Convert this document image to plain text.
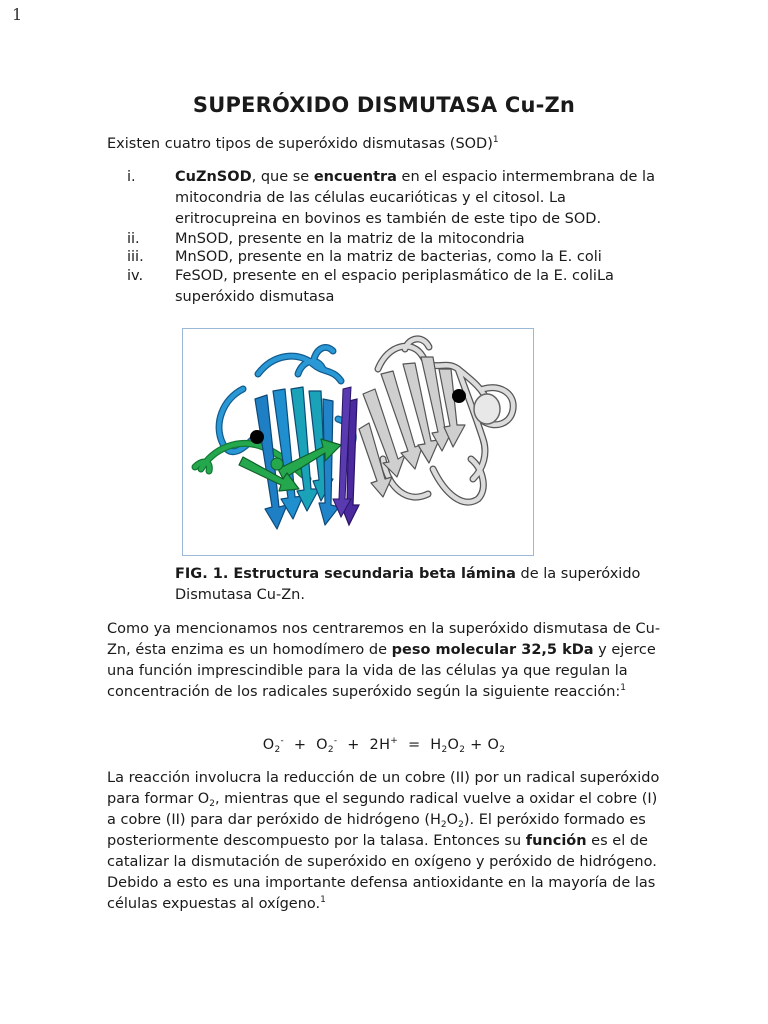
1
SUPERÓXIDO DISMUTASA Cu-Zn
Existen cuatro tipos de superóxido dismutasas (SOD)$^1$
i.	CuZnSOD, que se encuentra en el espacio intermembrana de la mitocondria de las células eucarióticas y el citosol. La eritrocupreina en bovinos es también de este tipo de SOD.
ii. MnSOD, presente en la matriz de la mitocondria
iii. MnSOD, presente en la matriz de bacterias, como la E. coli
iv. FeSOD, presente en el espacio periplasmático de la E. coliLa superóxido dismutasa
FIG. 1. Estructura secundaria beta lámina de la superóxido Dismutasa Cu-Zn.
Como ya mencionamos nos centraremos en la superóxido dismutasa de Cu-Zn, ésta enzima es un homodímero de peso molecular 32,5 kDa y ejerce una función imprescindible para la vida de las células ya que regulan la concentración de los radicales superóxido según la siguiente reacción:$^1$
$O_2^- + O_2^- + 2H^+ = H_2O_2 + O_2$
La reacción involucra la reducción de un cobre (II) por un radical superóxido para formar $O_2$, mientras que el segundo radical vuelve a oxidar el cobre (I) a cobre (II) para dar peróxido de hidrógeno $(H_2O_2)$. El peróxido formado es posteriormente descompuesto por la talasa. Entonces su función es el de catalizar la dismutación de superóxido en oxígeno y peróxido de hidrógeno. Debido a esto es una importante defensa antioxidante en la mayoría de las células expuestas al oxígeno.$^1$
